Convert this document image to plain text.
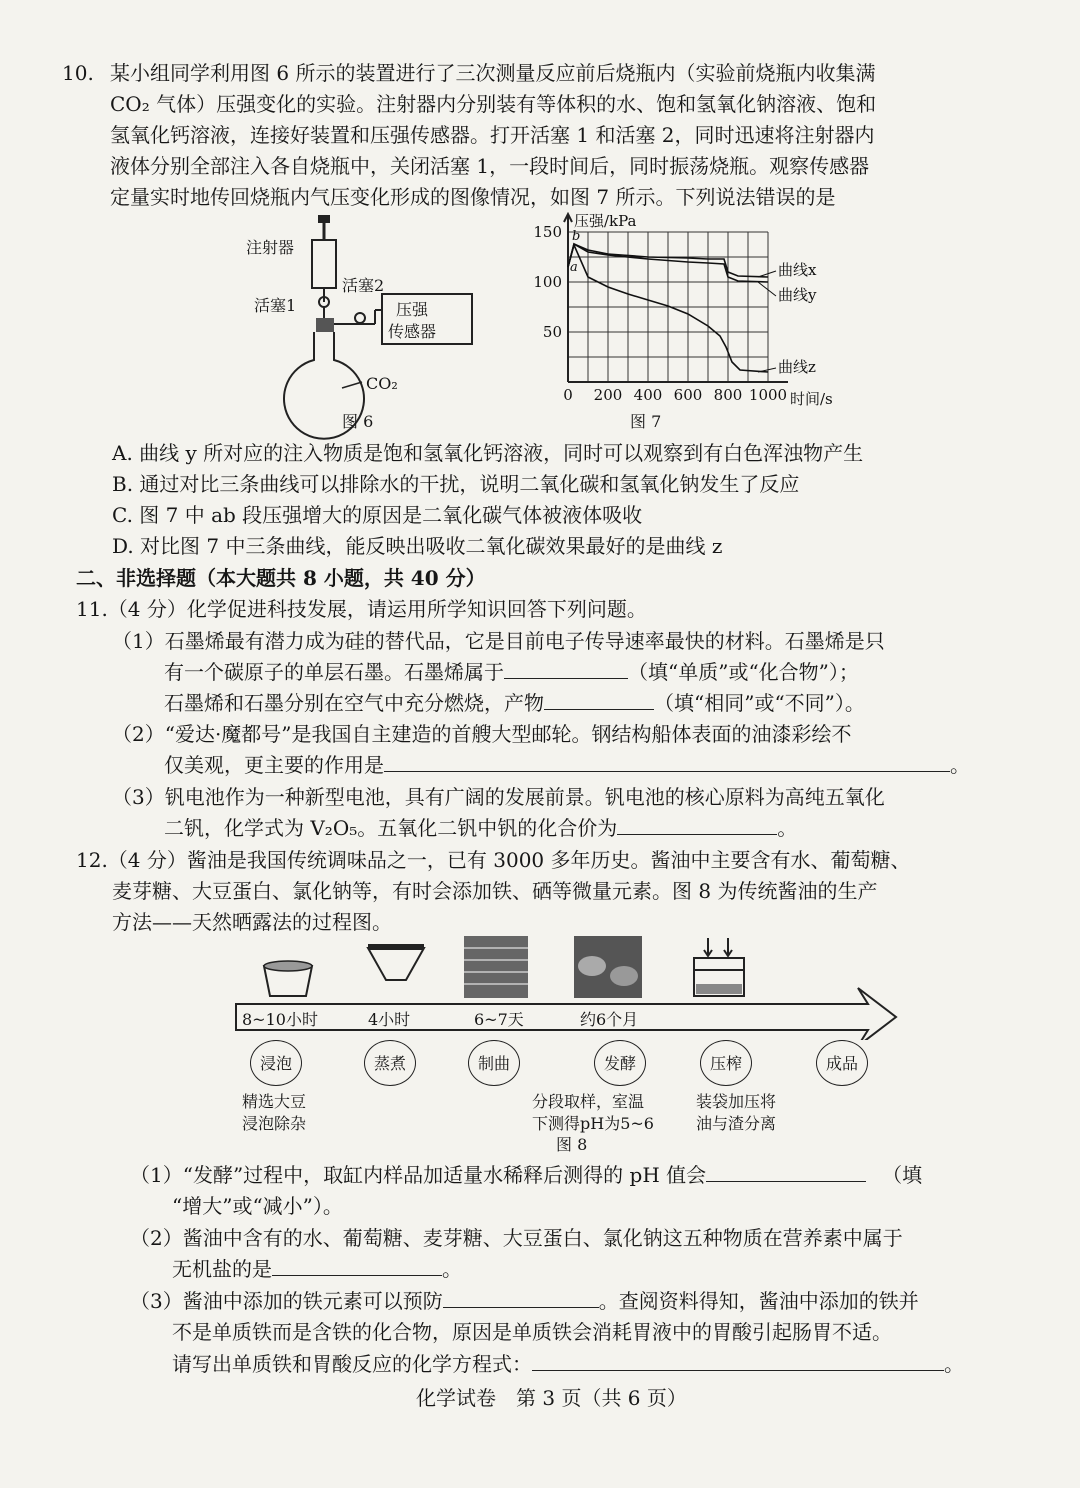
10. 某小组同学利用图 6 所示的装置进行了三次测量反应前后烧瓶内（实验前烧瓶内收集满
CO₂ 气体）压强变化的实验。注射器内分别装有等体积的水、饱和氢氧化钠溶液、饱和
氢氧化钙溶液，连接好装置和压强传感器。打开活塞 1 和活塞 2，同时迅速将注射器内
液体分别全部注入各自烧瓶中，关闭活塞 1，一段时间后，同时振荡烧瓶。观察传感器
定量实时地传回烧瓶内气压变化形成的图像情况，如图 7 所示。下列说法错误的是
注射器
活塞1
活塞2
压强
传感器
CO₂
图 6
0 200 400 600 800 1000
50
100
150
压强/kPa
时间/s
曲线x
曲线y
曲线z
a
b
图 7
A. 曲线 y 所对应的注入物质是饱和氢氧化钙溶液，同时可以观察到有白色浑浊物产生
B. 通过对比三条曲线可以排除水的干扰，说明二氧化碳和氢氧化钠发生了反应
C. 图 7 中 ab 段压强增大的原因是二氧化碳气体被液体吸收
D. 对比图 7 中三条曲线，能反映出吸收二氧化碳效果最好的是曲线 z
二、非选择题（本大题共 8 小题，共 40 分）
11.（4 分）化学促进科技发展，请运用所学知识回答下列问题。
（1）石墨烯最有潜力成为硅的替代品，它是目前电子传导速率最快的材料。石墨烯是只
有一个碳原子的单层石墨。石墨烯属于	（填“单质”或“化合物”）；
石墨烯和石墨分别在空气中充分燃烧，产物	（填“相同”或“不同”）。
（2）“爱达·魔都号”是我国自主建造的首艘大型邮轮。钢结构船体表面的油漆彩绘不
仅美观，更主要的作用是	。
（3）钒电池作为一种新型电池，具有广阔的发展前景。钒电池的核心原料为高纯五氧化
二钒，化学式为 V₂O₅。五氧化二钒中钒的化合价为	。
12.（4 分）酱油是我国传统调味品之一，已有 3000 多年历史。酱油中主要含有水、葡萄糖、
麦芽糖、大豆蛋白、氯化钠等，有时会添加铁、硒等微量元素。图 8 为传统酱油的生产
方法——天然晒露法的过程图。
8~10小时	4小时	6~7天	约6个月
浸泡	蒸煮	制曲	发酵	压榨	成品
精选大豆
浸泡除杂
分段取样，室温
下测得pH为5~6
装袋加压将
油与渣分离
图 8
（1）“发酵”过程中，取缸内样品加适量水稀释后测得的 pH 值会	（填
“增大”或“减小”）。
（2）酱油中含有的水、葡萄糖、麦芽糖、大豆蛋白、氯化钠这五种物质在营养素中属于
无机盐的是	。
（3）酱油中添加的铁元素可以预防	。查阅资料得知，酱油中添加的铁并
不是单质铁而是含铁的化合物，原因是单质铁会消耗胃液中的胃酸引起肠胃不适。
请写出单质铁和胃酸反应的化学方程式：	。
化学试卷　第 3 页（共 6 页）
